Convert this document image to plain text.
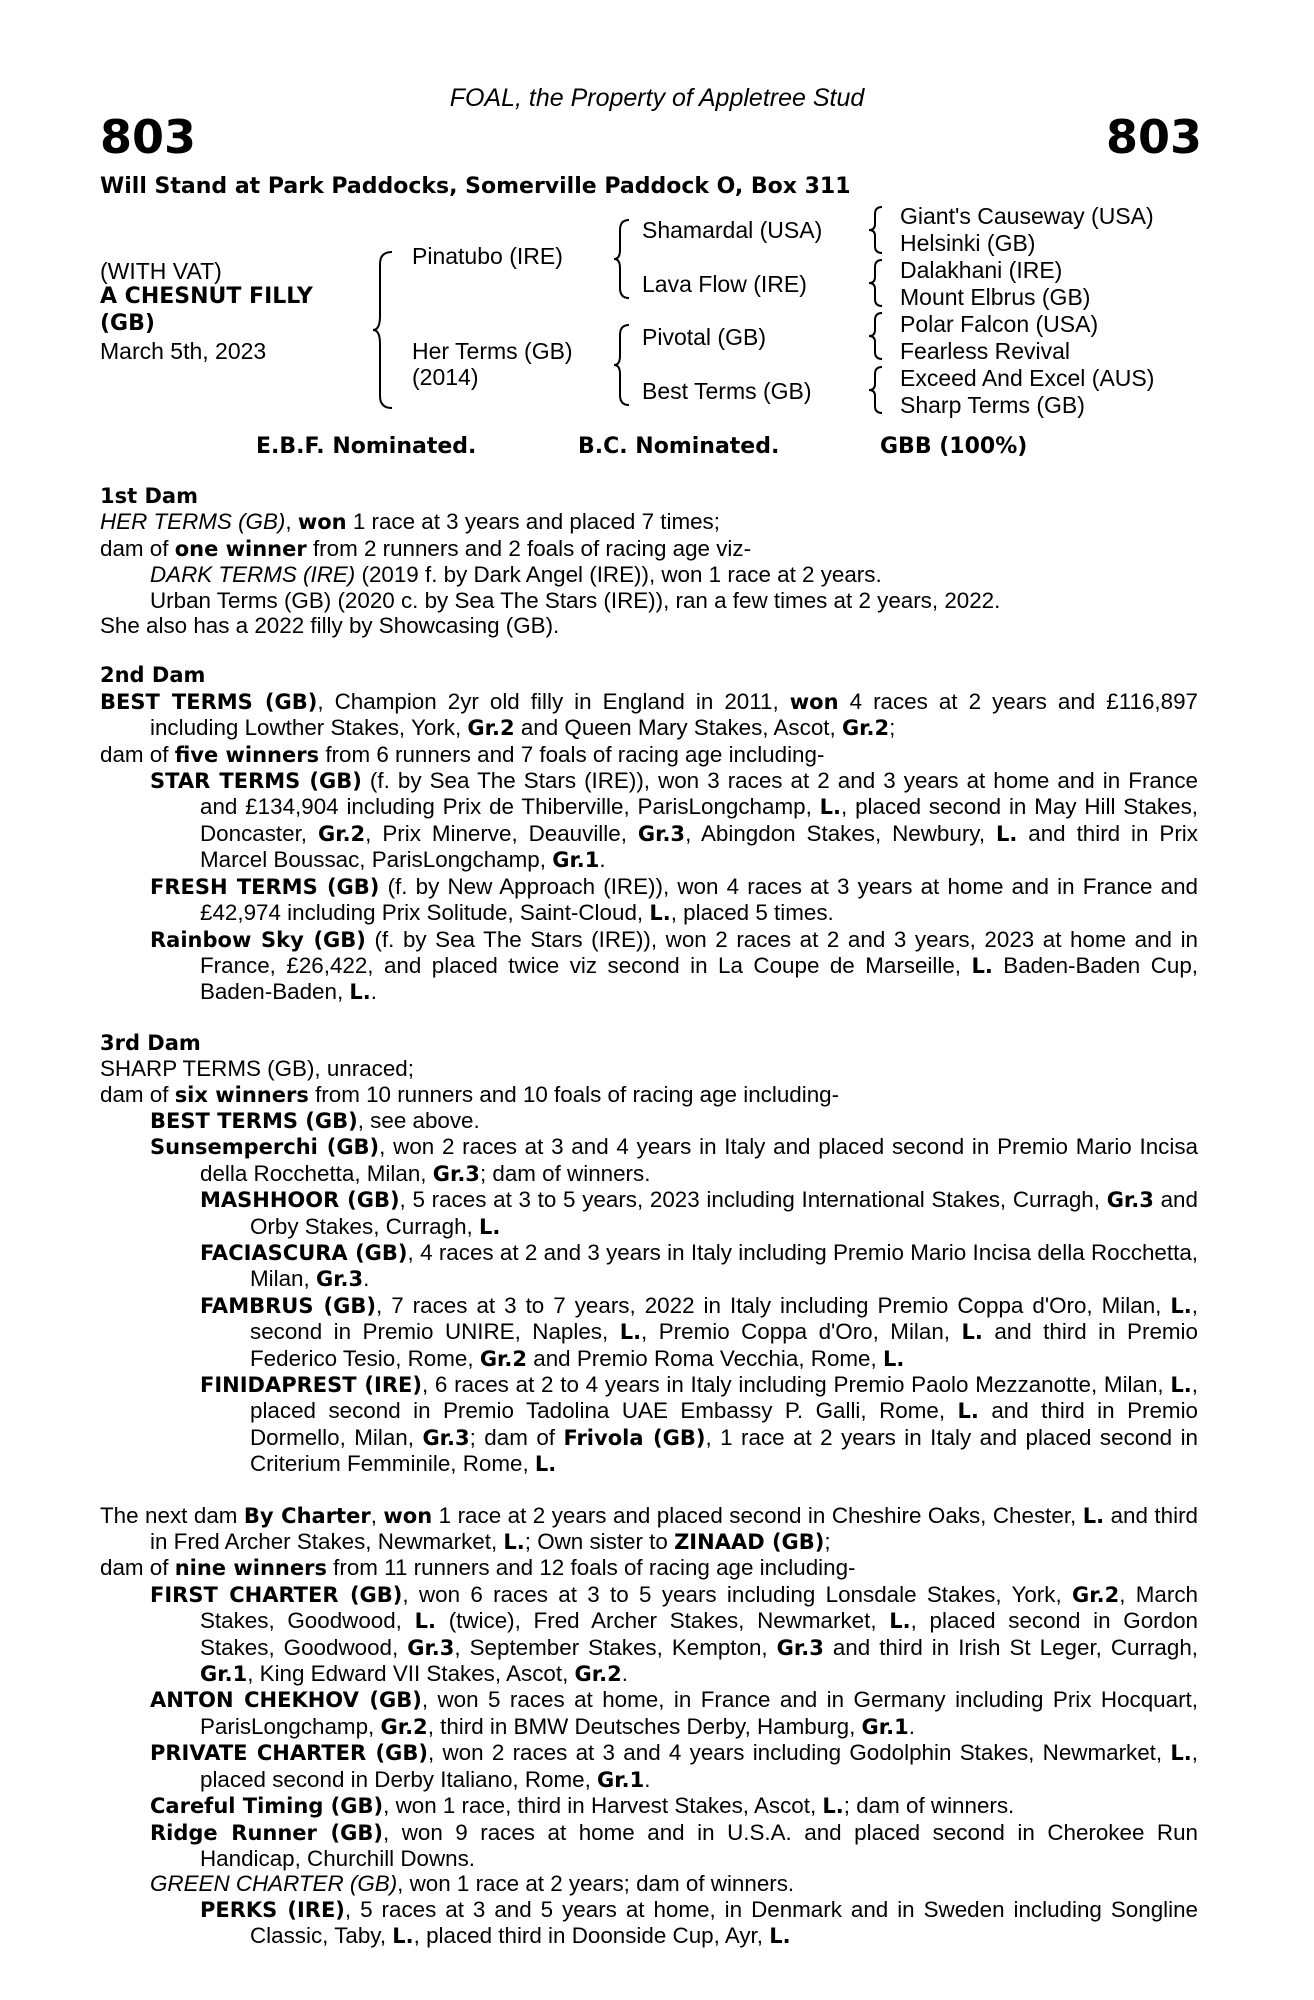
FOAL, the Property of Appletree Stud
803	803
Will Stand at Park Paddocks, Somerville Paddock O, Box 311
(WITH VAT)
A CHESNUT FILLY
(GB)
March 5th, 2023
Pinatubo (IRE)
Her Terms (GB)
(2014)
Shamardal (USA)
Lava Flow (IRE)
Pivotal (GB)
Best Terms (GB)
Giant's Causeway (USA)
Helsinki (GB)
Dalakhani (IRE)
Mount Elbrus (GB)
Polar Falcon (USA)
Fearless Revival
Exceed And Excel (AUS)
Sharp Terms (GB)
E.B.F. Nominated.	B.C. Nominated.	GBB (100%)

1st Dam

HER TERMS (GB), won 1 race at 3 years and placed 7 times;

dam of one winner from 2 runners and 2 foals of racing age viz-

DARK TERMS (IRE) (2019 f. by Dark Angel (IRE)), won 1 race at 2 years.

Urban Terms (GB) (2020 c. by Sea The Stars (IRE)), ran a few times at 2 years, 2022.

She also has a 2022 filly by Showcasing (GB).

2nd Dam

BEST TERMS (GB), Champion 2yr old filly in England in 2011, won 4 races at 2 years and £116,897 including Lowther Stakes, York, Gr.2 and Queen Mary Stakes, Ascot, Gr.2;

dam of five winners from 6 runners and 7 foals of racing age including-

STAR TERMS (GB) (f. by Sea The Stars (IRE)), won 3 races at 2 and 3 years at home and in France and £134,904 including Prix de Thiberville, ParisLongchamp, L., placed second in May Hill Stakes, Doncaster, Gr.2, Prix Minerve, Deauville, Gr.3, Abingdon Stakes, Newbury, L. and third in Prix Marcel Boussac, ParisLongchamp, Gr.1.

FRESH TERMS (GB) (f. by New Approach (IRE)), won 4 races at 3 years at home and in France and £42,974 including Prix Solitude, Saint-Cloud, L., placed 5 times.

Rainbow Sky (GB) (f. by Sea The Stars (IRE)), won 2 races at 2 and 3 years, 2023 at home and in France, £26,422, and placed twice viz second in La Coupe de Marseille, L. Baden-Baden Cup, Baden-Baden, L..

3rd Dam

SHARP TERMS (GB), unraced;

dam of six winners from 10 runners and 10 foals of racing age including-

BEST TERMS (GB), see above.

Sunsemperchi (GB), won 2 races at 3 and 4 years in Italy and placed second in Premio Mario Incisa della Rocchetta, Milan, Gr.3; dam of winners.

MASHHOOR (GB), 5 races at 3 to 5 years, 2023 including International Stakes, Curragh, Gr.3 and Orby Stakes, Curragh, L.

FACIASCURA (GB), 4 races at 2 and 3 years in Italy including Premio Mario Incisa della Rocchetta, Milan, Gr.3.

FAMBRUS (GB), 7 races at 3 to 7 years, 2022 in Italy including Premio Coppa d'Oro, Milan, L., second in Premio UNIRE, Naples, L., Premio Coppa d'Oro, Milan, L. and third in Premio Federico Tesio, Rome, Gr.2 and Premio Roma Vecchia, Rome, L.

FINIDAPREST (IRE), 6 races at 2 to 4 years in Italy including Premio Paolo Mezzanotte, Milan, L., placed second in Premio Tadolina UAE Embassy P. Galli, Rome, L. and third in Premio Dormello, Milan, Gr.3; dam of Frivola (GB), 1 race at 2 years in Italy and placed second in Criterium Femminile, Rome, L.

The next dam By Charter, won 1 race at 2 years and placed second in Cheshire Oaks, Chester, L. and third in Fred Archer Stakes, Newmarket, L.; Own sister to ZINAAD (GB);

dam of nine winners from 11 runners and 12 foals of racing age including-

FIRST CHARTER (GB), won 6 races at 3 to 5 years including Lonsdale Stakes, York, Gr.2, March Stakes, Goodwood, L. (twice), Fred Archer Stakes, Newmarket, L., placed second in Gordon Stakes, Goodwood, Gr.3, September Stakes, Kempton, Gr.3 and third in Irish St Leger, Curragh, Gr.1, King Edward VII Stakes, Ascot, Gr.2.

ANTON CHEKHOV (GB), won 5 races at home, in France and in Germany including Prix Hocquart, ParisLongchamp, Gr.2, third in BMW Deutsches Derby, Hamburg, Gr.1.

PRIVATE CHARTER (GB), won 2 races at 3 and 4 years including Godolphin Stakes, Newmarket, L., placed second in Derby Italiano, Rome, Gr.1.

Careful Timing (GB), won 1 race, third in Harvest Stakes, Ascot, L.; dam of winners.

Ridge Runner (GB), won 9 races at home and in U.S.A. and placed second in Cherokee Run Handicap, Churchill Downs.

GREEN CHARTER (GB), won 1 race at 2 years; dam of winners.

PERKS (IRE), 5 races at 3 and 5 years at home, in Denmark and in Sweden including Songline Classic, Taby, L., placed third in Doonside Cup, Ayr, L.
